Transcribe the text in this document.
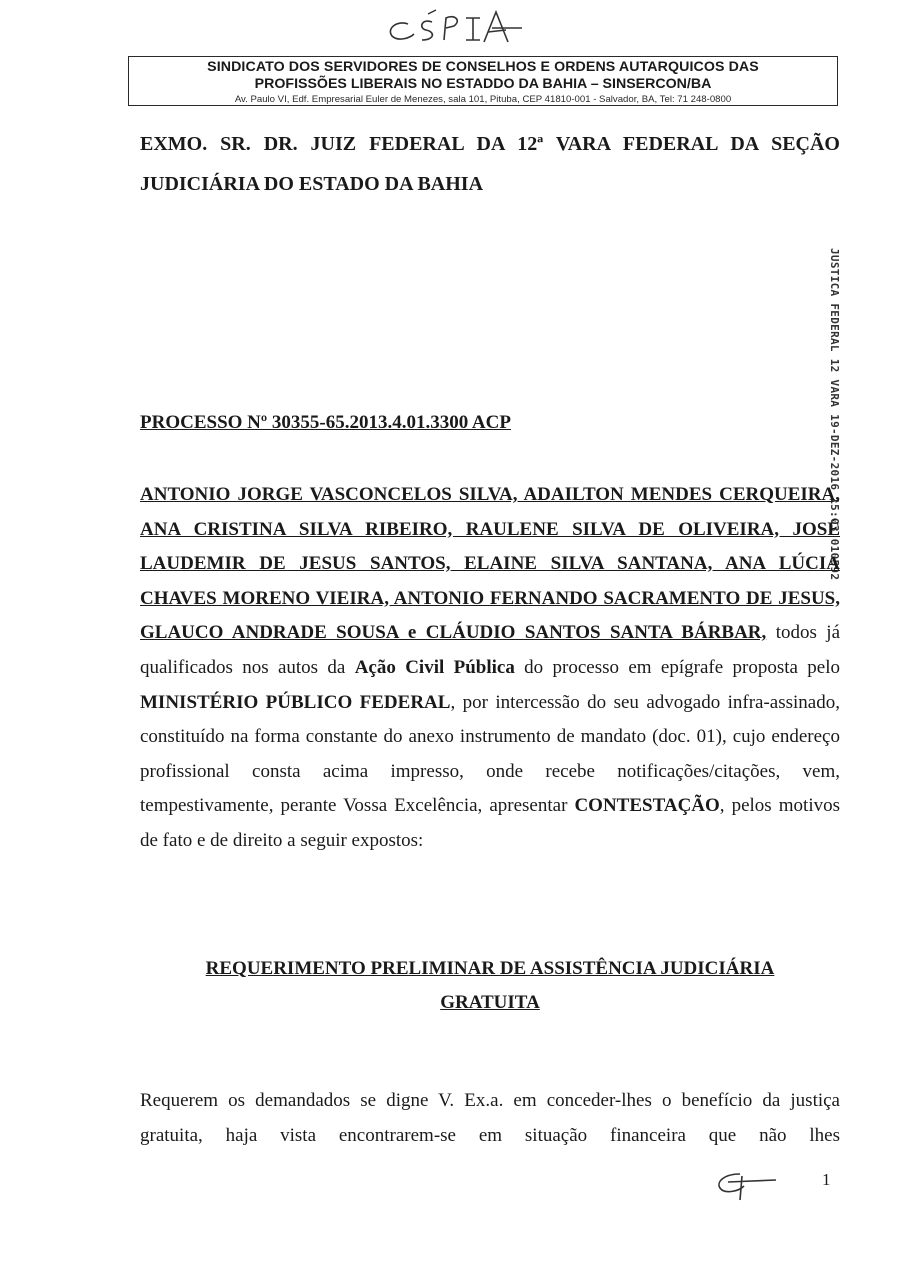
SINDICATO DOS SERVIDORES DE CONSELHOS E ORDENS AUTARQUICOS DAS
PROFISSÕES LIBERAIS NO ESTADDO DA BAHIA – SINSERCON/BA
Av. Paulo VI, Edf. Empresarial Euler de Menezes, sala 101, Pituba, CEP 41810-001 - Salvador, BA, Tel: 71 248-0800
EXMO. SR. DR. JUIZ FEDERAL DA 12ª VARA FEDERAL DA SEÇÃO JUDICIÁRIA DO ESTADO DA BAHIA
JUSTICA FEDERAL 12 VARA 19-DEZ-2016 15:03 010592
PROCESSO Nº 30355-65.2013.4.01.3300 ACP
ANTONIO JORGE VASCONCELOS SILVA, ADAILTON MENDES CERQUEIRA, ANA CRISTINA SILVA RIBEIRO, RAULENE SILVA DE OLIVEIRA, JOSÉ LAUDEMIR DE JESUS SANTOS, ELAINE SILVA SANTANA, ANA LÚCIA CHAVES MORENO VIEIRA, ANTONIO FERNANDO SACRAMENTO DE JESUS, GLAUCO ANDRADE SOUSA e CLÁUDIO SANTOS SANTA BÁRBAR, todos já qualificados nos autos da Ação Civil Pública do processo em epígrafe proposta pelo MINISTÉRIO PÚBLICO FEDERAL, por intercessão do seu advogado infra-assinado, constituído na forma constante do anexo instrumento de mandato (doc. 01), cujo endereço profissional consta acima impresso, onde recebe notificações/citações, vem, tempestivamente, perante Vossa Excelência, apresentar CONTESTAÇÃO, pelos motivos de fato e de direito a seguir expostos:
REQUERIMENTO PRELIMINAR DE ASSISTÊNCIA JUDICIÁRIA
GRATUITA
Requerem os demandados se digne V. Ex.a. em conceder-lhes o benefício da justiça gratuita, haja vista encontrarem-se em situação financeira que não lhes
1
